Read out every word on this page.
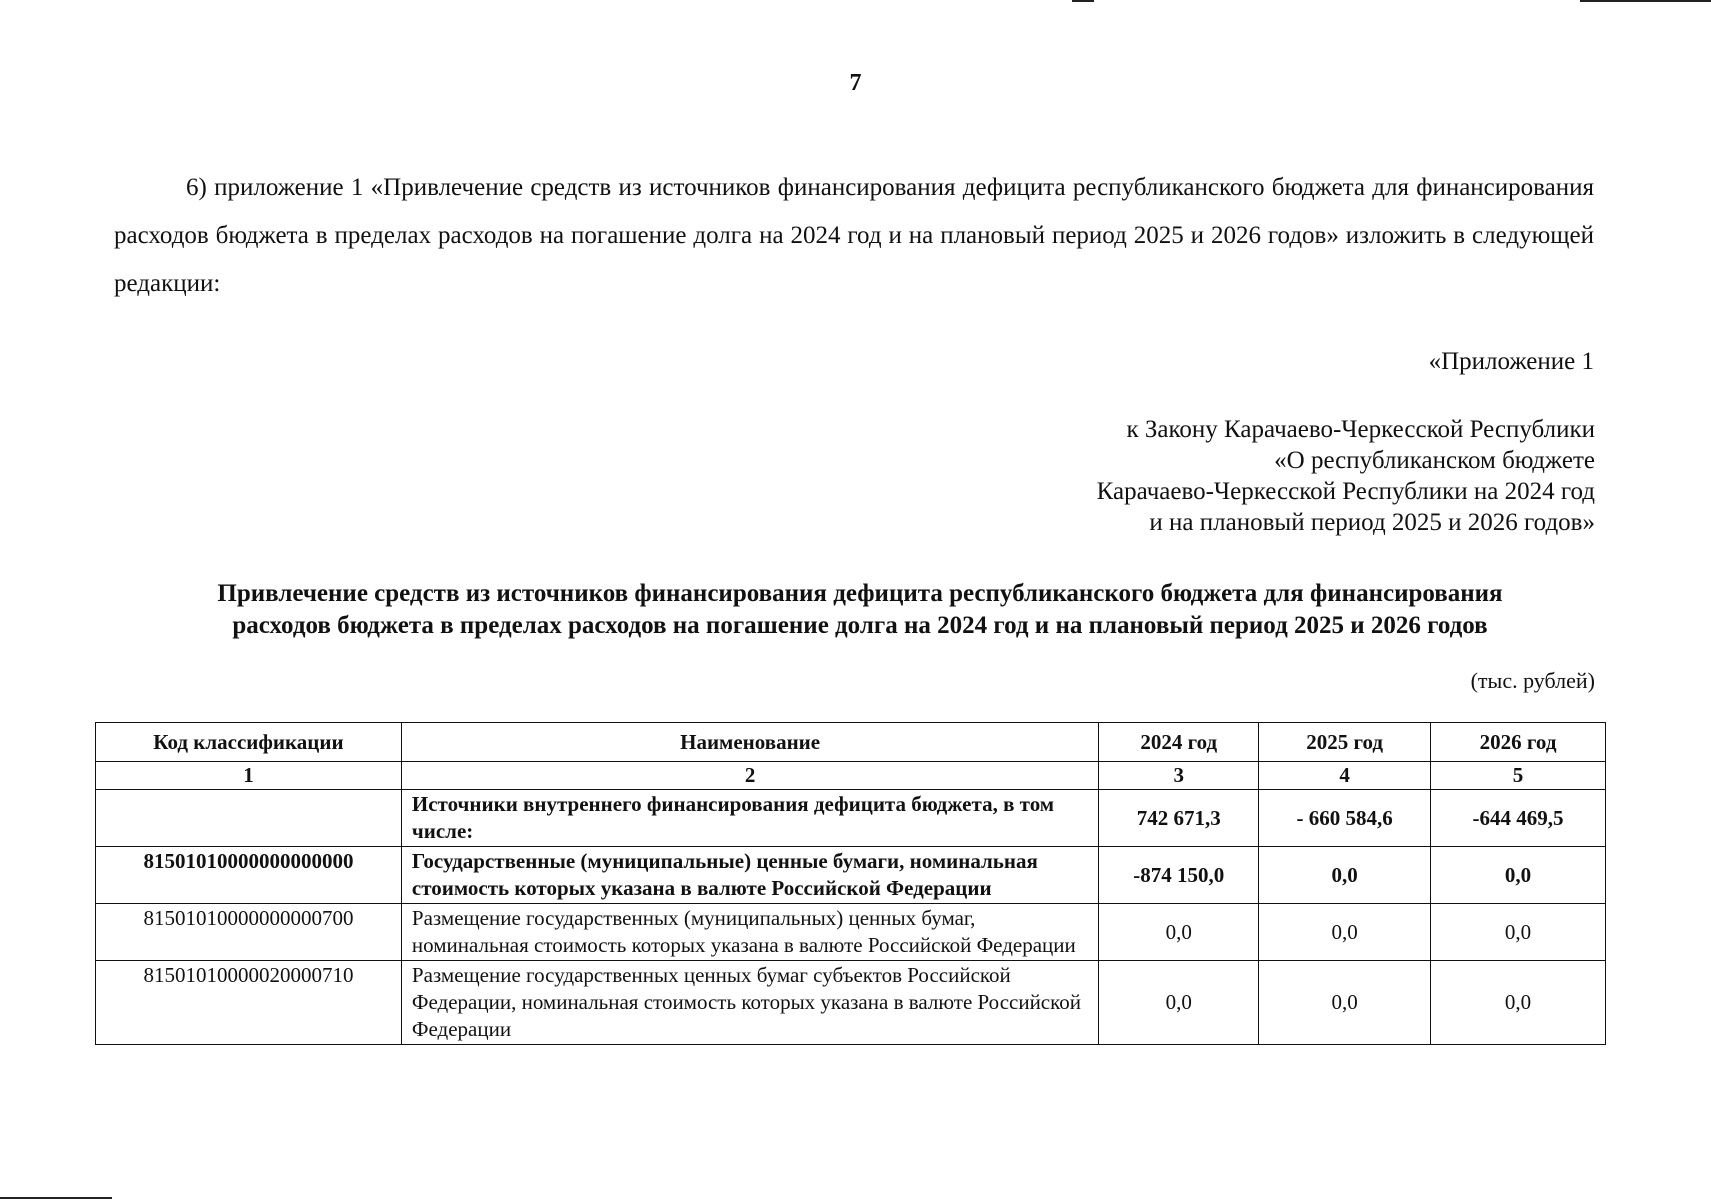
7

6) приложение 1 «Привлечение средств из источников финансирования дефицита республиканского бюджета для финансирования расходов бюджета в пределах расходов на погашение долга на 2024 год и на плановый период 2025 и 2026 годов» изложить в следующей редакции:

«Приложение 1
к Закону Карачаево-Черкесской Республики
«О республиканском бюджете
Карачаево-Черкесской Республики на 2024 год
и на плановый период 2025 и 2026 годов»
Привлечение средств из источников финансирования дефицита республиканского бюджета для финансирования
расходов бюджета в пределах расходов на погашение долга на 2024 год и на плановый период 2025 и 2026 годов
(тыс. рублей)
Код классификации	Наименование	2024 год	2025 год	2026 год
1	2	3	4	5
	Источники внутреннего финансирования дефицита бюджета, в том числе:	742 671,3	- 660 584,6	-644 469,5
81501010000000000000	Государственные (муниципальные) ценные бумаги, номинальная стоимость которых указана в валюте Российской Федерации	-874 150,0	0,0	0,0
81501010000000000700	Размещение государственных (муниципальных) ценных бумаг, номинальная стоимость которых указана в валюте Российской Федерации	0,0	0,0	0,0
81501010000020000710	Размещение государственных ценных бумаг субъектов Российской Федерации, номинальная стоимость которых указана в валюте Российской Федерации	0,0	0,0	0,0
